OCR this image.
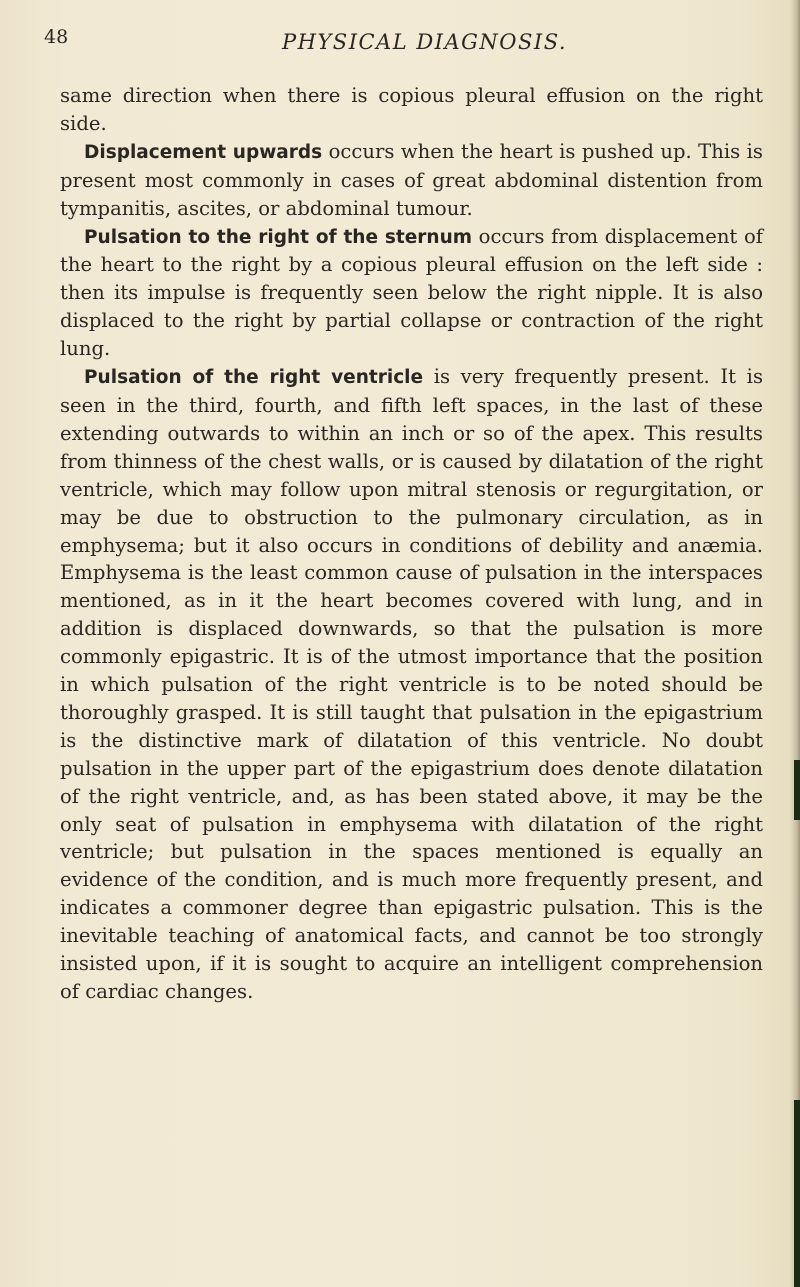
48	PHYSICAL DIAGNOSIS.

same direction when there is copious pleural effusion on the right side.

Displacement upwards occurs when the heart is pushed up. This is present most commonly in cases of great abdominal distention from tympanitis, ascites, or abdominal tumour.

Pulsation to the right of the sternum occurs from displacement of the heart to the right by a copious pleural effusion on the left side : then its impulse is frequently seen below the right nipple. It is also displaced to the right by partial collapse or contraction of the right lung.

Pulsation of the right ventricle is very frequently present. It is seen in the third, fourth, and fifth left spaces, in the last of these extending outwards to within an inch or so of the apex. This results from thinness of the chest walls, or is caused by dilatation of the right ventricle, which may follow upon mitral stenosis or regurgitation, or may be due to obstruction to the pulmonary circulation, as in emphysema; but it also occurs in conditions of debility and anæmia. Emphysema is the least common cause of pulsation in the interspaces mentioned, as in it the heart becomes covered with lung, and in addition is displaced downwards, so that the pulsation is more commonly epigastric. It is of the utmost importance that the position in which pulsation of the right ventricle is to be noted should be thoroughly grasped. It is still taught that pulsation in the epigastrium is the distinctive mark of dilatation of this ventricle. No doubt pulsation in the upper part of the epigastrium does denote dilatation of the right ventricle, and, as has been stated above, it may be the only seat of pulsation in emphysema with dilatation of the right ventricle; but pulsation in the spaces mentioned is equally an evidence of the condition, and is much more frequently present, and indicates a commoner degree than epigastric pulsation. This is the inevitable teaching of anatomical facts, and cannot be too strongly insisted upon, if it is sought to acquire an intelligent comprehension of cardiac changes.
